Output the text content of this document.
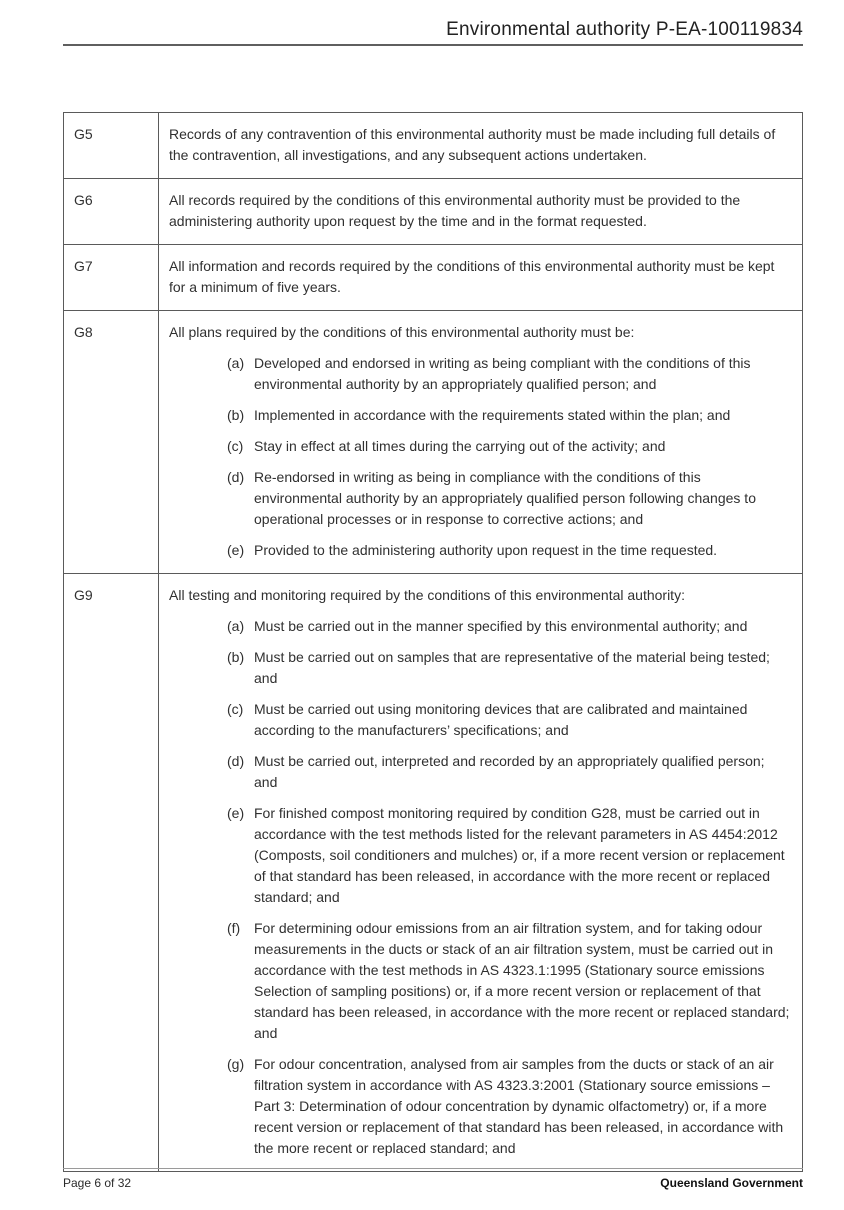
Environmental authority P-EA-100119834
G5	Records of any contravention of this environmental authority must be made including full details of the contravention, all investigations, and any subsequent actions undertaken.
G6	All records required by the conditions of this environmental authority must be provided to the administering authority upon request by the time and in the format requested.
G7	All information and records required by the conditions of this environmental authority must be kept for a minimum of five years.
G8	All plans required by the conditions of this environmental authority must be:
(a) Developed and endorsed in writing as being compliant with the conditions of this environmental authority by an appropriately qualified person; and
(b) Implemented in accordance with the requirements stated within the plan; and
(c) Stay in effect at all times during the carrying out of the activity; and
(d) Re-endorsed in writing as being in compliance with the conditions of this environmental authority by an appropriately qualified person following changes to operational processes or in response to corrective actions; and
(e) Provided to the administering authority upon request in the time requested.
G9	All testing and monitoring required by the conditions of this environmental authority:
(a) Must be carried out in the manner specified by this environmental authority; and
(b) Must be carried out on samples that are representative of the material being tested; and
(c) Must be carried out using monitoring devices that are calibrated and maintained according to the manufacturers’ specifications; and
(d) Must be carried out, interpreted and recorded by an appropriately qualified person; and
(e) For finished compost monitoring required by condition G28, must be carried out in accordance with the test methods listed for the relevant parameters in AS 4454:2012 (Composts, soil conditioners and mulches) or, if a more recent version or replacement of that standard has been released, in accordance with the more recent or replaced standard; and
(f) For determining odour emissions from an air filtration system, and for taking odour measurements in the ducts or stack of an air filtration system, must be carried out in accordance with the test methods in AS 4323.1:1995 (Stationary source emissions Selection of sampling positions) or, if a more recent version or replacement of that standard has been released, in accordance with the more recent or replaced standard; and
(g) For odour concentration, analysed from air samples from the ducts or stack of an air filtration system in accordance with AS 4323.3:2001 (Stationary source emissions – Part 3: Determination of odour concentration by dynamic olfactometry) or, if a more recent version or replacement of that standard has been released, in accordance with the more recent or replaced standard; and
Page 6 of 32	Queensland Government
